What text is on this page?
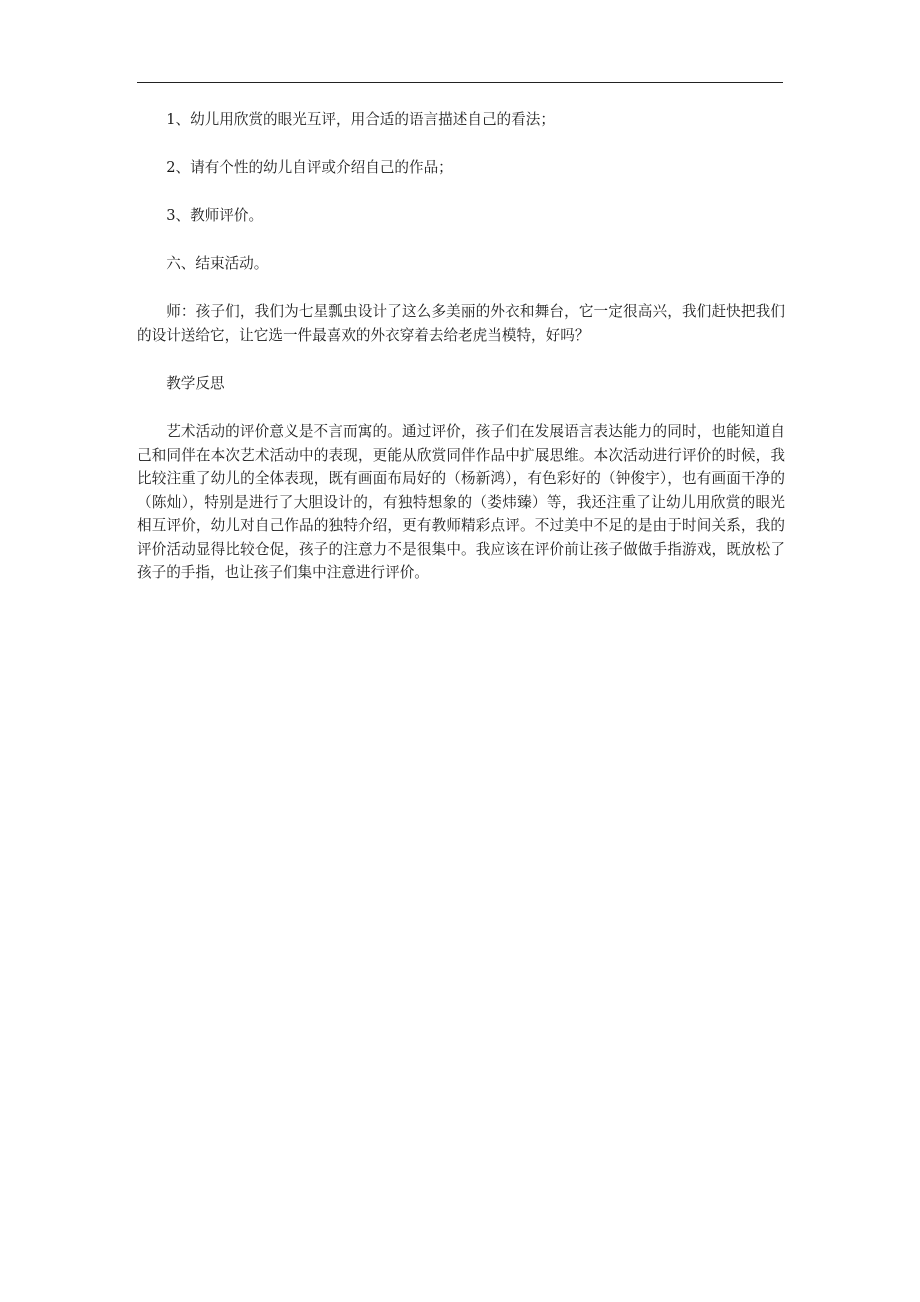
1、幼儿用欣赏的眼光互评，用合适的语言描述自己的看法；

2、请有个性的幼儿自评或介绍自己的作品；

3、教师评价。

六、结束活动。

师：孩子们，我们为七星瓢虫设计了这么多美丽的外衣和舞台，它一定很高兴，我们赶快把我们的设计送给它，让它选一件最喜欢的外衣穿着去给老虎当模特，好吗？

教学反思

艺术活动的评价意义是不言而寓的。通过评价，孩子们在发展语言表达能力的同时，也能知道自己和同伴在本次艺术活动中的表现，更能从欣赏同伴作品中扩展思维。本次活动进行评价的时候，我比较注重了幼儿的全体表现，既有画面布局好的（杨新鸿），有色彩好的（钟俊宇），也有画面干净的（陈灿），特别是进行了大胆设计的，有独特想象的（娄炜臻）等，我还注重了让幼儿用欣赏的眼光相互评价，幼儿对自己作品的独特介绍，更有教师精彩点评。不过美中不足的是由于时间关系，我的评价活动显得比较仓促，孩子的注意力不是很集中。我应该在评价前让孩子做做手指游戏，既放松了孩子的手指，也让孩子们集中注意进行评价。
